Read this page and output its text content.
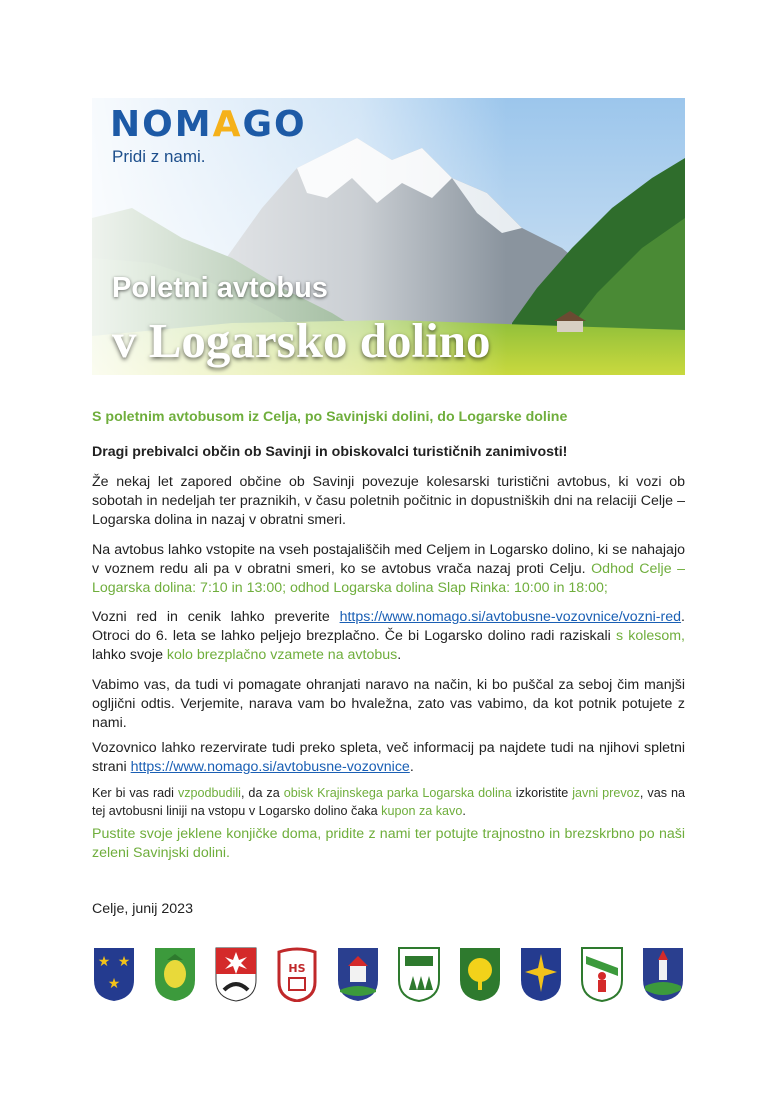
NOMAGO
Pridi z nami.
Poletni avtobus
v Logarsko dolino
S poletnim avtobusom iz Celja, po Savinjski dolini, do Logarske doline
Dragi prebivalci občin ob Savinji in obiskovalci turističnih zanimivosti!
Že nekaj let zapored občine ob Savinji povezuje kolesarski turistični avtobus, ki vozi ob sobotah in nedeljah ter praznikih, v času poletnih počitnic in dopustniških dni na relaciji Celje – Logarska dolina in nazaj v obratni smeri.
Na avtobus lahko vstopite na vseh postajališčih med Celjem in Logarsko dolino, ki se nahajajo v voznem redu ali pa v obratni smeri, ko se avtobus vrača nazaj proti Celju. Odhod Celje – Logarska dolina: 7:10 in 13:00; odhod Logarska dolina Slap Rinka: 10:00 in 18:00;
Vozni red in cenik lahko preverite https://www.nomago.si/avtobusne-vozovnice/vozni-red. Otroci do 6. leta se lahko peljejo brezplačno. Če bi Logarsko dolino radi raziskali s kolesom, lahko svoje kolo brezplačno vzamete na avtobus.
Vabimo vas, da tudi vi pomagate ohranjati naravo na način, ki bo puščal za seboj čim manjši ogljični odtis. Verjemite, narava vam bo hvaležna, zato vas vabimo, da kot potnik potujete z nami.
Vozovnico lahko rezervirate tudi preko spleta, več informacij pa najdete tudi na njihovi spletni strani https://www.nomago.si/avtobusne-vozovnice.
Ker bi vas radi vzpodbudili, da za obisk Krajinskega parka Logarska dolina izkoristite javni prevoz, vas na tej avtobusni liniji na vstopu v Logarsko dolino čaka kupon za kavo.
Pustite svoje jeklene konjičke doma, pridite z nami ter potujte trajnostno in brezskrbno po naši zeleni Savinjski dolini.
Celje, junij 2023
★ ★
★
HS
